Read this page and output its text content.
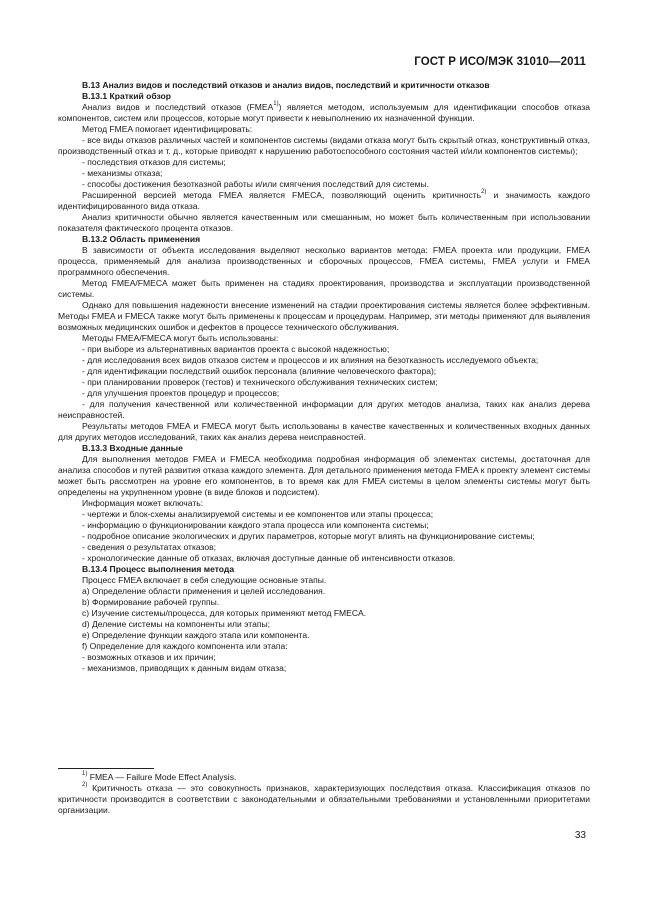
ГОСТ Р ИСО/МЭК 31010—2011

В.13 Анализ видов и последствий отказов и анализ видов, последствий и критичности отказов

В.13.1 Краткий обзор

Анализ видов и последствий отказов (FMEA$^{1)}$) является методом, используемым для идентификации способов отказа компонентов, систем или процессов, которые могут привести к невыполнению их назначенной функции.

Метод FMEA помогает идентифицировать:

- все виды отказов различных частей и компонентов системы (видами отказа могут быть скрытый отказ, конструктивный отказ, производственный отказ и т. д., которые приводят к нарушению работоспособного состояния частей и/или компонентов системы);

- последствия отказов для системы;

- механизмы отказа;

- способы достижения безотказной работы и/или смягчения последствий для системы.

Расширенной версией метода FMEA является FMECA, позволяющий оценить критичность$^{2)}$ и значимость каждого идентифицированного вида отказа.

Анализ критичности обычно является качественным или смешанным, но может быть количественным при использовании показателя фактического процента отказов.

В.13.2 Область применения

В зависимости от объекта исследования выделяют несколько вариантов метода: FMEA проекта или продукции, FMEA процесса, применяемый для анализа производственных и сборочных процессов, FMEA системы, FMEA услуги и FMEA программного обеспечения.

Метод FMEA/FMECA может быть применен на стадиях проектирования, производства и эксплуатации производственной системы.

Однако для повышения надежности внесение изменений на стадии проектирования системы является более эффективным. Методы FMEA и FMECA также могут быть применены к процессам и процедурам. Например, эти методы применяют для выявления возможных медицинских ошибок и дефектов в процессе технического обслуживания.

Методы FMEA/FMECA могут быть использованы:

- при выборе из альтернативных вариантов проекта с высокой надежностью;

- для исследования всех видов отказов систем и процессов и их влияния на безотказность исследуемого объекта;

- для идентификации последствий ошибок персонала (влияние человеческого фактора);

- при планировании проверок (тестов) и технического обслуживания технических систем;

- для улучшения проектов процедур и процессов;

- для получения качественной или количественной информации для других методов анализа, таких как анализ дерева неисправностей.

Результаты методов FMEA и FMECA могут быть использованы в качестве качественных и количественных входных данных для других методов исследований, таких как анализ дерева неисправностей.

В.13.3 Входные данные

Для выполнения методов FMEA и FMECA необходима подробная информация об элементах системы, достаточная для анализа способов и путей развития отказа каждого элемента. Для детального применения метода FMEA к проекту элемент системы может быть рассмотрен на уровне его компонентов, в то время как для FMEA системы в целом элементы системы могут быть определены на укрупненном уровне (в виде блоков и подсистем).

Информация может включать:

- чертежи и блок-схемы анализируемой системы и ее компонентов или этапы процесса;

- информацию о функционировании каждого этапа процесса или компонента системы;

- подробное описание экологических и других параметров, которые могут влиять на функционирование системы;

- сведения о результатах отказов;

- хронологические данные об отказах, включая доступные данные об интенсивности отказов.

В.13.4 Процесс выполнения метода

Процесс FMEA включает в себя следующие основные этапы.

а) Определение области применения и целей исследования.

b) Формирование рабочей группы.

c) Изучение системы/процесса, для которых применяют метод FMECA.

d) Деление системы на компоненты или этапы;

e) Определение функции каждого этапа или компонента.

f) Определение для каждого компонента или этапа:

- возможных отказов и их причин;

- механизмов, приводящих к данным видам отказа;

$^{1)}$ FMEA — Failure Mode Effect Analysis.

$^{2)}$ Критичность отказа — это совокупность признаков, характеризующих последствия отказа. Классификация отказов по критичности производится в соответствии с законодательными и обязательными требованиями и установленными приоритетами организации.

33
